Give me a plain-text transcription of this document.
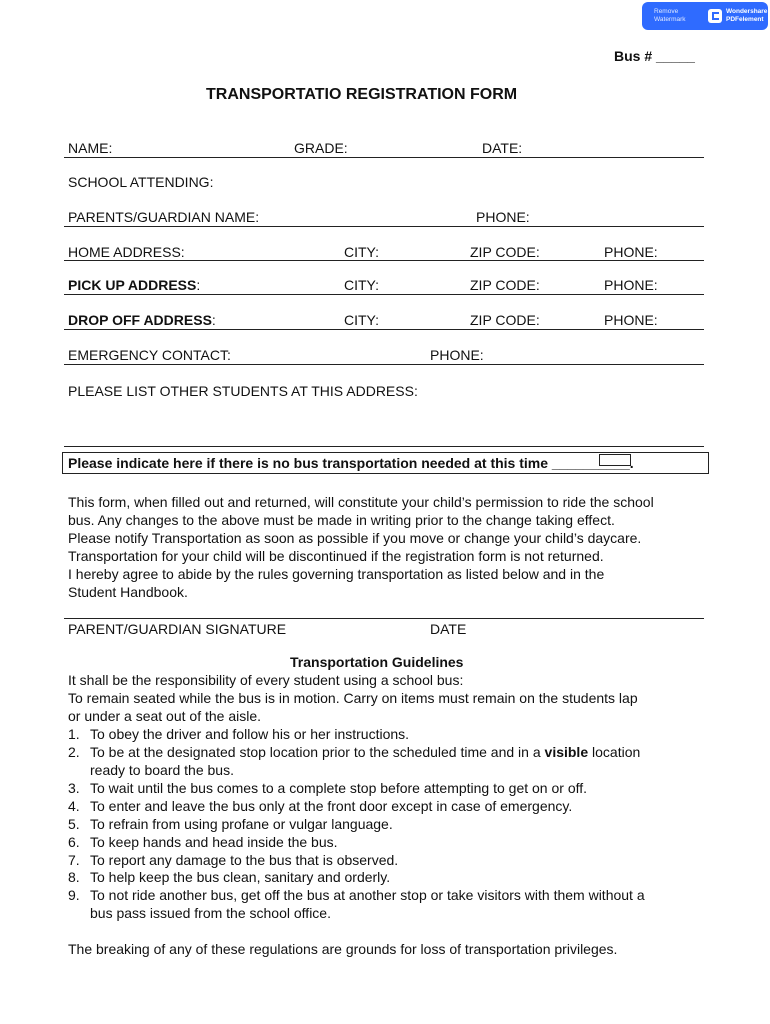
Remove
Watermark
Wondershare
PDFelement
Bus # _____
TRANSPORTATIO REGISTRATION FORM
NAME:	GRADE:	DATE:
SCHOOL ATTENDING:
PARENTS/GUARDIAN NAME:	PHONE:
HOME ADDRESS:	CITY:	ZIP CODE:	PHONE:
PICK UP ADDRESS:	CITY:	ZIP CODE:	PHONE:
DROP OFF ADDRESS:	CITY:	ZIP CODE:	PHONE:
EMERGENCY CONTACT:	PHONE:
PLEASE LIST OTHER STUDENTS AT THIS ADDRESS:
Please indicate here if there is no bus transportation needed at this time __________.
This form, when filled out and returned, will constitute your child’s permission to ride the school
bus. Any changes to the above must be made in writing prior to the change taking effect.
Please notify Transportation as soon as possible if you move or change your child’s daycare.
Transportation for your child will be discontinued if the registration form is not returned.
I hereby agree to abide by the rules governing transportation as listed below and in the
Student Handbook.
PARENT/GUARDIAN SIGNATURE	DATE
Transportation Guidelines
It shall be the responsibility of every student using a school bus:
To remain seated while the bus is in motion. Carry on items must remain on the students lap
or under a seat out of the aisle.
1. To obey the driver and follow his or her instructions.
2. To be at the designated stop location prior to the scheduled time and in a visible location
ready to board the bus.
3. To wait until the bus comes to a complete stop before attempting to get on or off.
4. To enter and leave the bus only at the front door except in case of emergency.
5. To refrain from using profane or vulgar language.
6. To keep hands and head inside the bus.
7. To report any damage to the bus that is observed.
8. To help keep the bus clean, sanitary and orderly.
9. To not ride another bus, get off the bus at another stop or take visitors with them without a
bus pass issued from the school office.
The breaking of any of these regulations are grounds for loss of transportation privileges.
